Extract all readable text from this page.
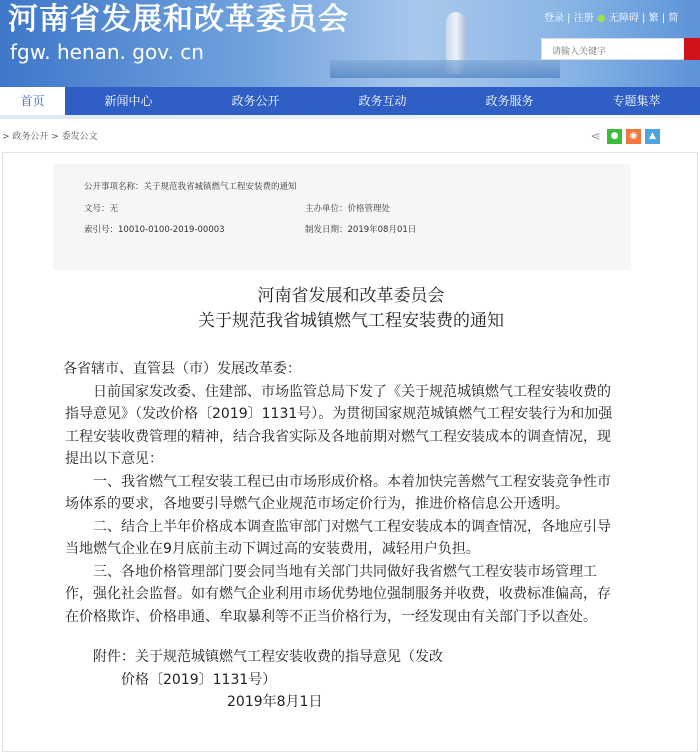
河南省发展和改革委员会
fgw. henan. gov. cn
登录 | 注册 ● 无障碍 | 繁 | 简
请输入关键字
首页	新闻中心	政务公开	政务互动	政务服务	专题集萃
> 政务公开 > 委发公文	⋖	●	◉	▲
公开事项名称：关于规范我省城镇燃气工程安装费的通知
文号：无	主办单位：价格管理处
索引号：10010-0100-2019-00003	制发日期：2019年08月01日
河南省发展和改革委员会
关于规范我省城镇燃气工程安装费的通知

各省辖市、直管县（市）发展改革委：

日前国家发改委、住建部、市场监管总局下发了《关于规范城镇燃气工程安装收费的指导意见》（发改价格〔2019〕1131号）。为贯彻国家规范城镇燃气工程安装行为和加强工程安装收费管理的精神，结合我省实际及各地前期对燃气工程安装成本的调查情况，现提出以下意见：

一、我省燃气工程安装工程已由市场形成价格。本着加快完善燃气工程安装竞争性市场体系的要求，各地要引导燃气企业规范市场定价行为，推进价格信息公开透明。

二、结合上半年价格成本调查监审部门对燃气工程安装成本的调查情况，各地应引导当地燃气企业在9月底前主动下调过高的安装费用，减轻用户负担。

三、各地价格管理部门要会同当地有关部门共同做好我省燃气工程安装市场管理工作，强化社会监督。如有燃气企业利用市场优势地位强制服务并收费，收费标准偏高，存在价格欺诈、价格串通、牟取暴利等不正当价格行为，一经发现由有关部门予以查处。

附件：关于规范城镇燃气工程安装收费的指导意见（发改

价格〔2019〕1131号）

2019年8月1日
